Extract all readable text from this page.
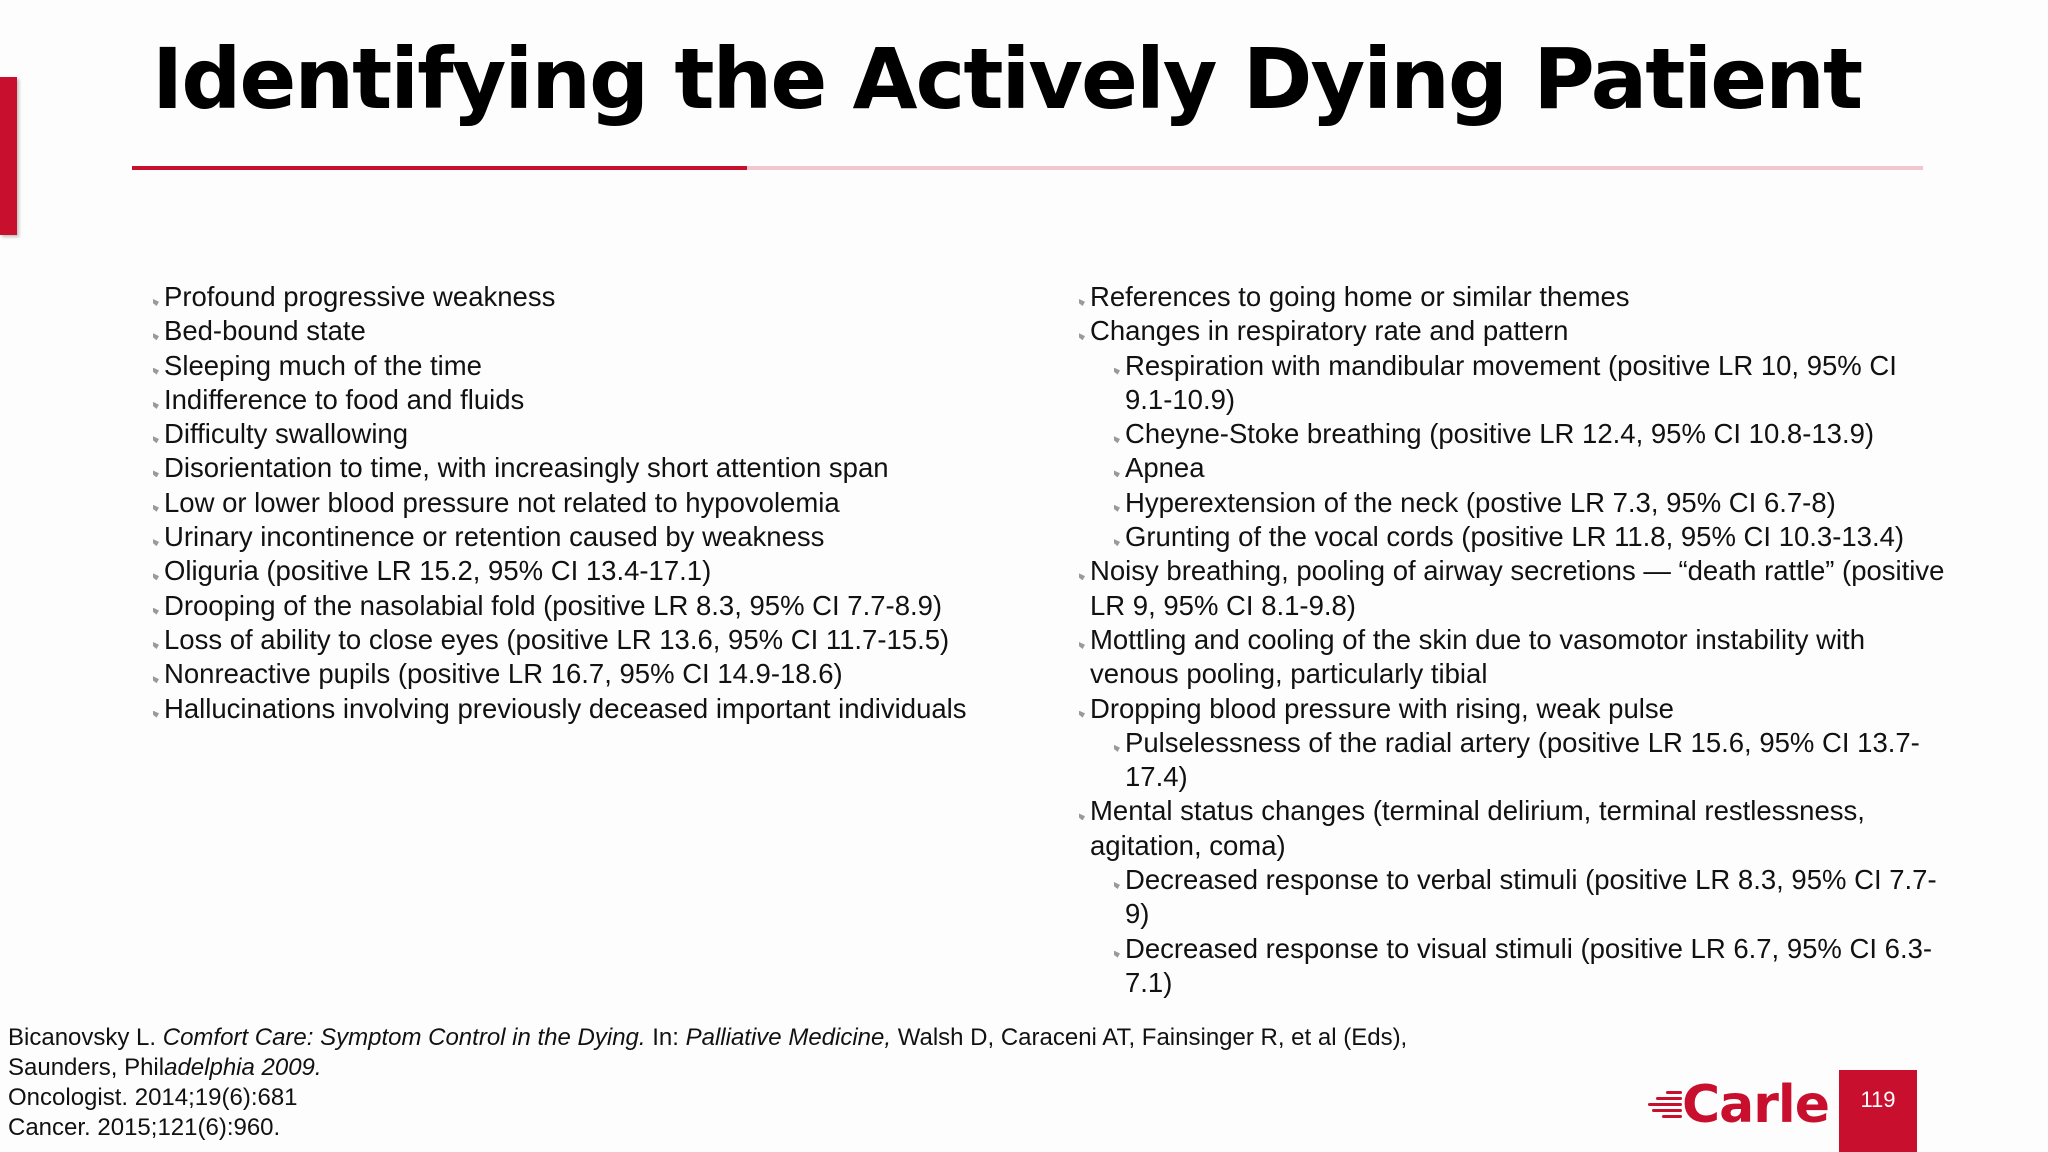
Identifying the Actively Dying Patient
Profound progressive weakness
Bed-bound state
Sleeping much of the time
Indifference to food and fluids
Difficulty swallowing
Disorientation to time, with increasingly short attention span
Low or lower blood pressure not related to hypovolemia
Urinary incontinence or retention caused by weakness
Oliguria (positive LR 15.2, 95% CI 13.4-17.1)
Drooping of the nasolabial fold (positive LR 8.3, 95% CI 7.7-8.9)
Loss of ability to close eyes (positive LR 13.6, 95% CI 11.7-15.5)
Nonreactive pupils (positive LR 16.7, 95% CI 14.9-18.6)
Hallucinations involving previously deceased important individuals
References to going home or similar themes
Changes in respiratory rate and pattern
Respiration with mandibular movement (positive LR 10, 95% CI 9.1-10.9)
Cheyne-Stoke breathing (positive LR 12.4, 95% CI 10.8-13.9)
Apnea
Hyperextension of the neck (postive LR 7.3, 95% CI 6.7-8)
Grunting of the vocal cords (positive LR 11.8, 95% CI 10.3-13.4)
Noisy breathing, pooling of airway secretions — “death rattle” (positive LR 9, 95% CI 8.1-9.8)
Mottling and cooling of the skin due to vasomotor instability with venous pooling, particularly tibial
Dropping blood pressure with rising, weak pulse
Pulselessness of the radial artery (positive LR 15.6, 95% CI 13.7-17.4)
Mental status changes (terminal delirium, terminal restlessness, agitation, coma)
Decreased response to verbal stimuli (positive LR 8.3, 95% CI 7.7-9)
Decreased response to visual stimuli (positive LR 6.7, 95% CI 6.3-7.1)

Bicanovsky L. Comfort Care: Symptom Control in the Dying. In: Palliative Medicine, Walsh D, Caraceni AT, Fainsinger R, et al (Eds), Saunders, Philadelphia 2009.

Oncologist. 2014;19(6):681

Cancer. 2015;121(6):960.	Carle	119
